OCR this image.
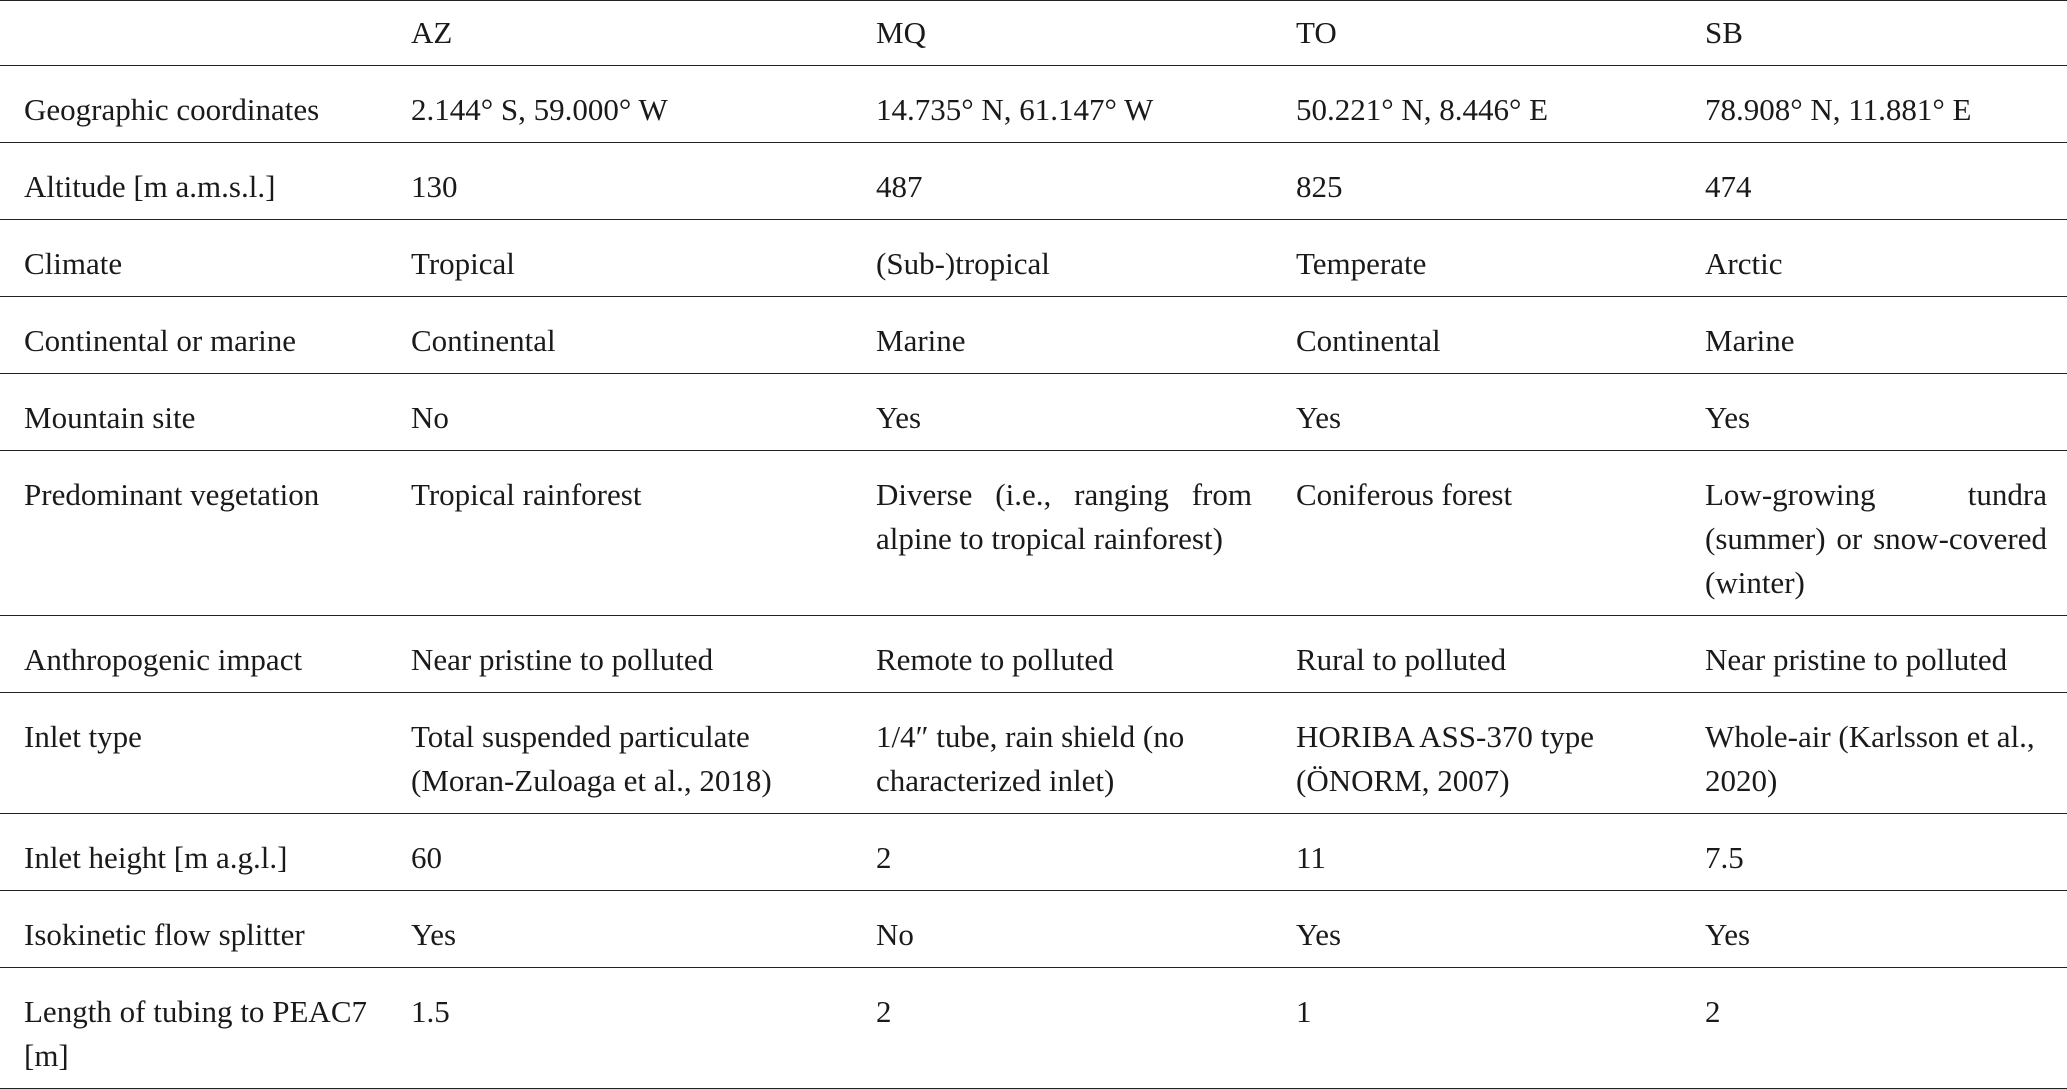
	AZ	MQ	TO	SB
Geographic coordinates	2.144° S, 59.000° W	14.735° N, 61.147° W	50.221° N, 8.446° E	78.908° N, 11.881° E
Altitude [m a.m.s.l.]	130	487	825	474
Climate	Tropical	(Sub-)tropical	Temperate	Arctic
Continental or marine	Continental	Marine	Continental	Marine
Mountain site	No	Yes	Yes	Yes
Predominant vegetation	Tropical rainforest	Diverse (i.e., ranging from alpine to tropical rainforest)	Coniferous forest	Low-growing tundra (summer) or snow-covered (winter)
Anthropogenic impact	Near pristine to polluted	Remote to polluted	Rural to polluted	Near pristine to polluted
Inlet type	Total suspended particulate (Moran-Zuloaga et al., 2018)	1/4″ tube, rain shield (no characterized inlet)	HORIBA ASS-370 type (ÖNORM, 2007)	Whole-air (Karlsson et al., 2020)
Inlet height [m a.g.l.]	60	2	11	7.5
Isokinetic flow splitter	Yes	No	Yes	Yes
Length of tubing to PEAC7 [m]	1.5	2	1	2
